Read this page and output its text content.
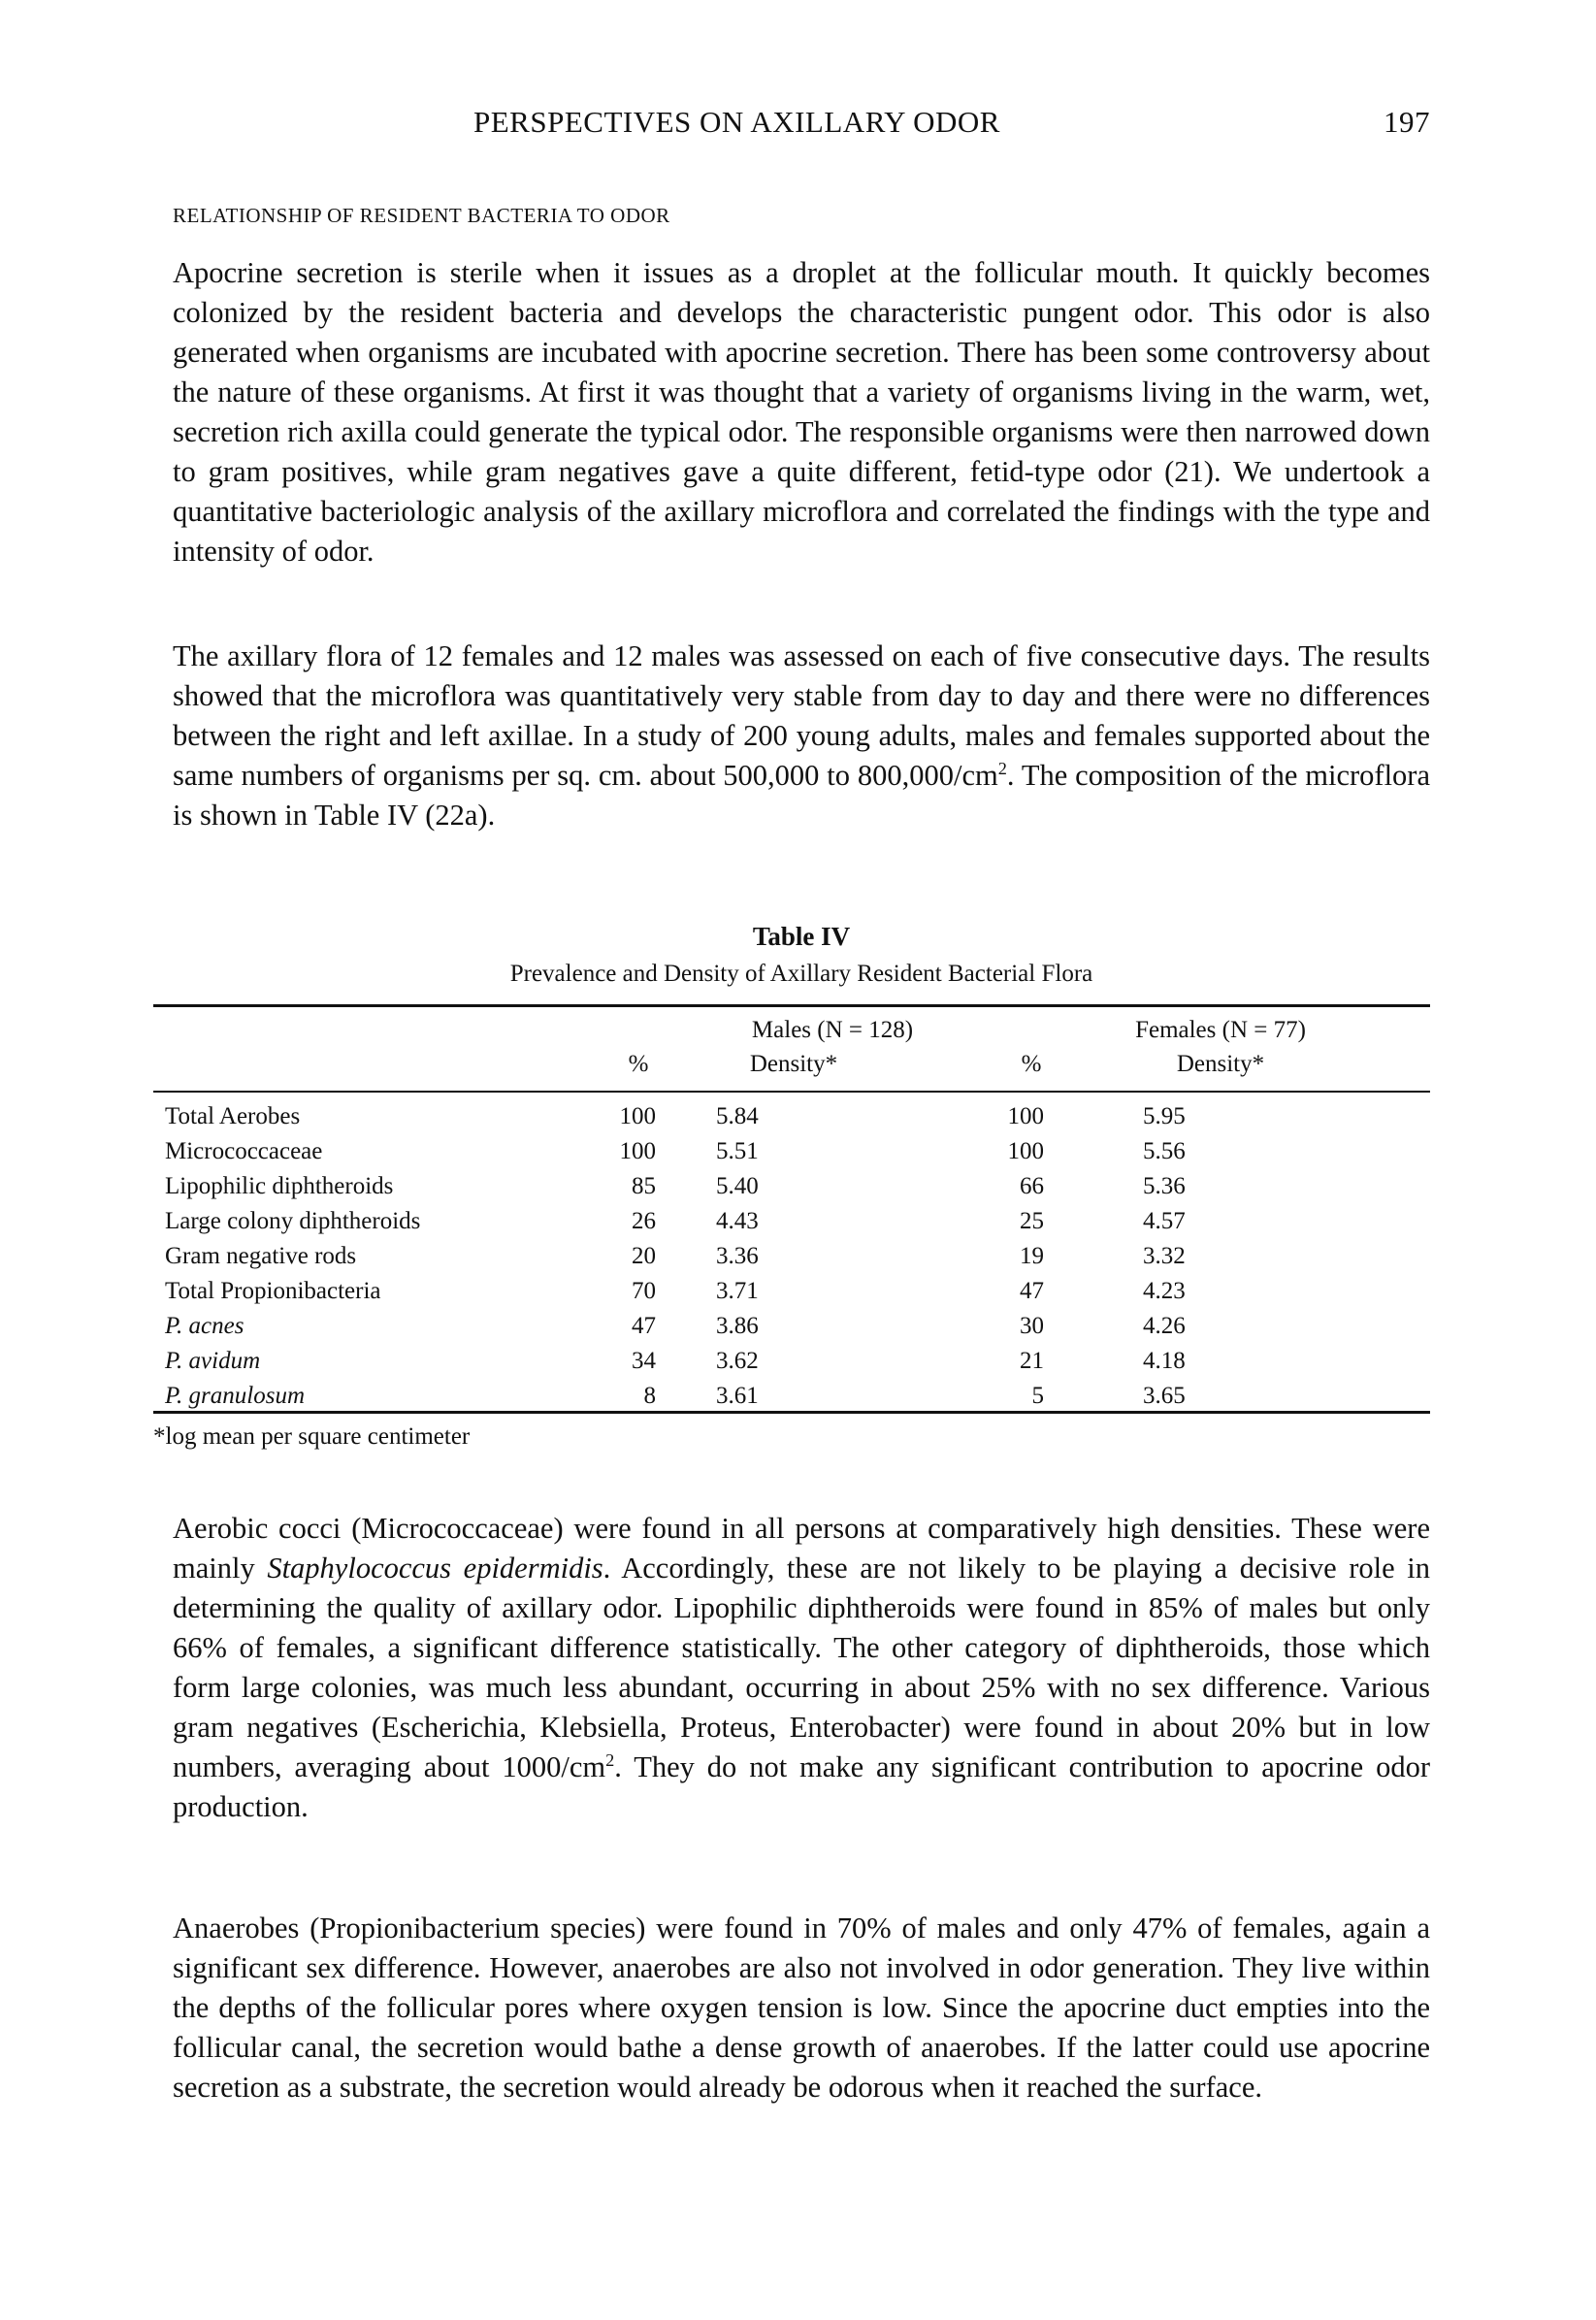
PERSPECTIVES ON AXILLARY ODOR	197
RELATIONSHIP OF RESIDENT BACTERIA TO ODOR

Apocrine secretion is sterile when it issues as a droplet at the follicular mouth. It quickly becomes colonized by the resident bacteria and develops the characteristic pungent odor. This odor is also generated when organisms are incubated with apocrine secretion. There has been some controversy about the nature of these organisms. At first it was thought that a variety of organisms living in the warm, wet, secretion rich axilla could generate the typical odor. The responsible organisms were then narrowed down to gram positives, while gram negatives gave a quite different, fetid-type odor (21). We undertook a quantitative bacteriologic analysis of the axillary microflora and correlated the findings with the type and intensity of odor.

The axillary flora of 12 females and 12 males was assessed on each of five consecutive days. The results showed that the microflora was quantitatively very stable from day to day and there were no differences between the right and left axillae. In a study of 200 young adults, males and females supported about the same numbers of organisms per sq. cm. about 500,000 to $800,000/cm^2$. The composition of the microflora is shown in Table IV (22a).

Table IV
Prevalence and Density of Axillary Resident Bacterial Flora
Males (N = 128)	Females (N = 77)
%	Density*	%	Density*
Total Aerobes	100 5.84	100	5.95
Micrococcaceae	100 5.51	100	5.56
Lipophilic diphtheroids	85 5.40	66	5.36
Large colony diphtheroids	26 4.43	25	4.57
Gram negative rods	20 3.36	19	3.32
Total Propionibacteria	70 3.71	47	4.23
P. acnes	47 3.86	30	4.26
P. avidum	34 3.62	21	4.18
P. granulosum	8 3.61	5	3.65
*log mean per square centimeter

Aerobic cocci (Micrococcaceae) were found in all persons at comparatively high densities. These were mainly Staphylococcus epidermidis. Accordingly, these are not likely to be playing a decisive role in determining the quality of axillary odor. Lipophilic diphtheroids were found in 85% of males but only 66% of females, a significant difference statistically. The other category of diphtheroids, those which form large colonies, was much less abundant, occurring in about 25% with no sex difference. Various gram negatives (Escherichia, Klebsiella, Proteus, Enterobacter) were found in about 20% but in low numbers, averaging about $1000/cm^2$. They do not make any significant contribution to apocrine odor production.

Anaerobes (Propionibacterium species) were found in 70% of males and only 47% of females, again a significant sex difference. However, anaerobes are also not involved in odor generation. They live within the depths of the follicular pores where oxygen tension is low. Since the apocrine duct empties into the follicular canal, the secretion would bathe a dense growth of anaerobes. If the latter could use apocrine secretion as a substrate, the secretion would already be odorous when it reached the surface.
